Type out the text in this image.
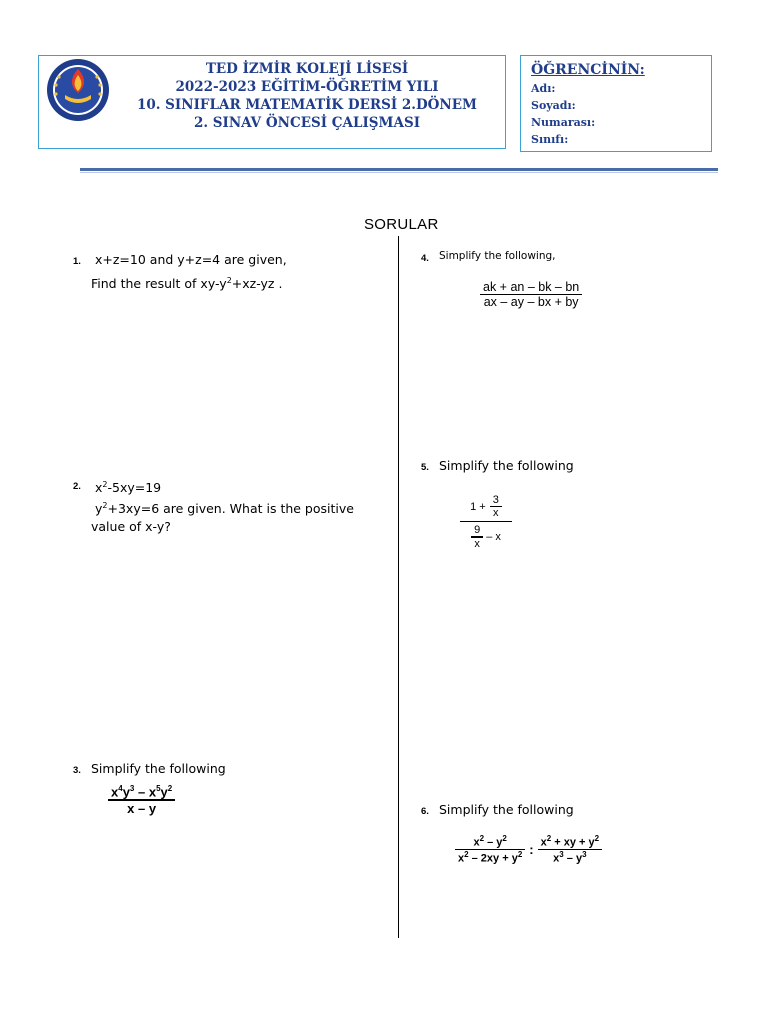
TED İZMİR KOLEJİ LİSESİ
2022-2023 EĞİTİM-ÖĞRETİM YILI
10. SINIFLAR MATEMATİK DERSİ 2.DÖNEM
2. SINAV ÖNCESİ ÇALIŞMASI
ÖĞRENCİNİN:
Adı:
Soyadı:
Numarası:
Sınıfı:
SORULAR
1. x+z=10 and y+z=4 are given,
Find the result of $xy-y^2+xz-yz$ .
2. $x^2-5xy=19$
$y^2+3xy=6$ are given. What is the positive
value of x-y?
3. Simplify the following
$x^4y^3 - x^5y^2$
x – y
4. Simplify the following,
ak + an – bk – bn
ax – ay – bx + by
5. Simplify the following
$1 + \frac{3}{x}$
$\frac{9}{x}$ – x
6. Simplify the following
$\frac{x^2 - y^2}{x^2 - 2xy + y^2}$ : $\frac{x^2 + xy + y^2}{x^3 - y^3}$
